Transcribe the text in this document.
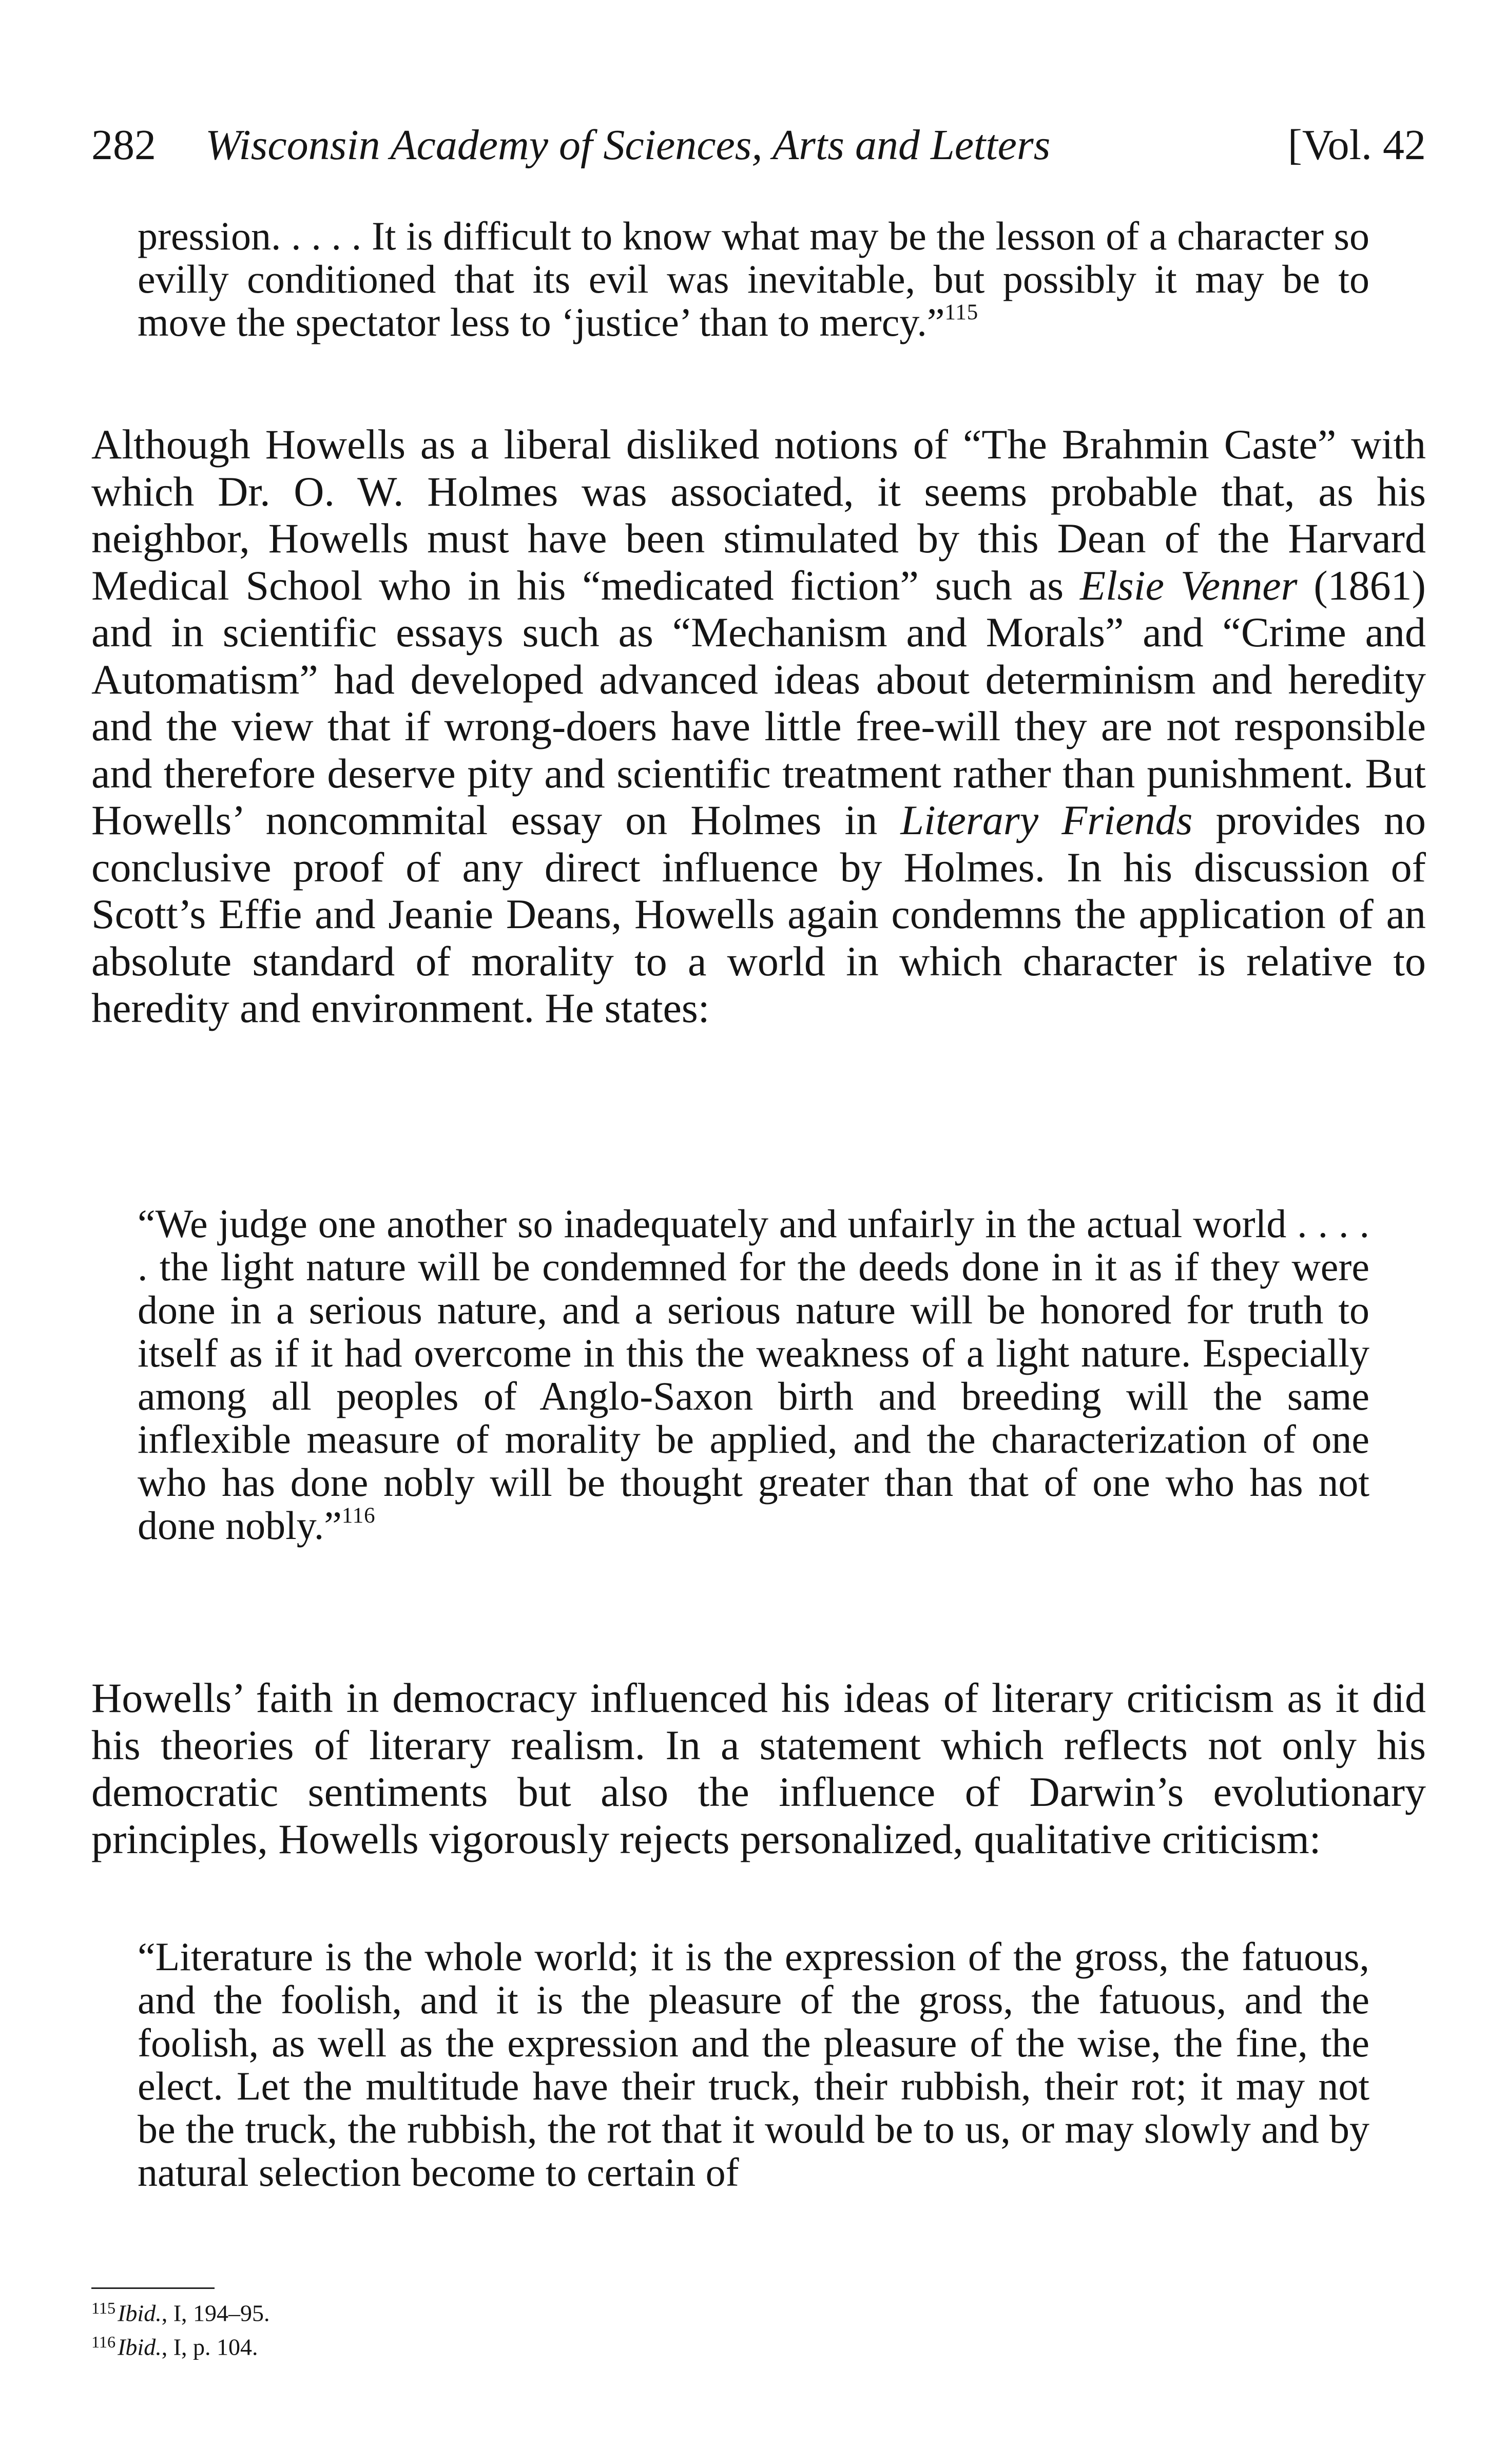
282 Wisconsin Academy of Sciences, Arts and Letters	[Vol. 42

pression. . . . . It is difficult to know what may be the lesson of a character so evilly conditioned that its evil was inevitable, but possibly it may be to move the spectator less to ‘justice’ than to mercy.”$^{115}$

Although Howells as a liberal disliked notions of “The Brahmin Caste” with which Dr. O. W. Holmes was associated, it seems probable that, as his neighbor, Howells must have been stimulated by this Dean of the Harvard Medical School who in his “medicated fiction” such as Elsie Venner (1861) and in scientific essays such as “Mechanism and Morals” and “Crime and Automatism” had developed advanced ideas about determinism and heredity and the view that if wrong-doers have little free-will they are not responsible and therefore deserve pity and scientific treatment rather than punishment. But Howells’ noncommital essay on Holmes in Literary Friends provides no conclusive proof of any direct influence by Holmes. In his discussion of Scott’s Effie and Jeanie Deans, Howells again condemns the application of an absolute standard of morality to a world in which character is relative to heredity and environment. He states:

“We judge one another so inadequately and unfairly in the actual world . . . . . the light nature will be condemned for the deeds done in it as if they were done in a serious nature, and a serious nature will be honored for truth to itself as if it had overcome in this the weakness of a light nature. Especially among all peoples of Anglo-Saxon birth and breeding will the same inflexible measure of morality be applied, and the characterization of one who has done nobly will be thought greater than that of one who has not done nobly.”$^{116}$

Howells’ faith in democracy influenced his ideas of literary criticism as it did his theories of literary realism. In a statement which reflects not only his democratic sentiments but also the influence of Darwin’s evolutionary principles, Howells vigorously rejects personalized, qualitative criticism:

“Literature is the whole world; it is the expression of the gross, the fatuous, and the foolish, and it is the pleasure of the gross, the fatuous, and the foolish, as well as the expression and the pleasure of the wise, the fine, the elect. Let the multitude have their truck, their rubbish, their rot; it may not be the truck, the rubbish, the rot that it would be to us, or may slowly and by natural selection become to certain of

$^{115}$Ibid., I, 194–95.

$^{116}$Ibid., I, p. 104.
